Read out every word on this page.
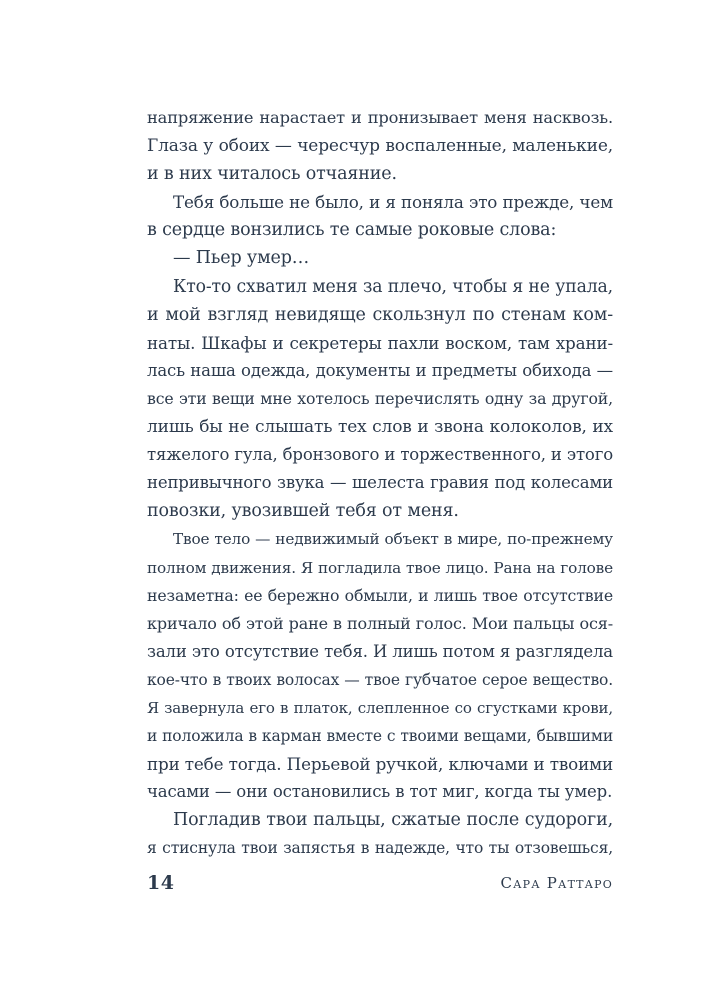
напряжение нарастает и пронизывает меня насквозь.
Глаза у обоих — чересчур воспаленные, маленькие,
и в них читалось отчаяние.
Тебя больше не было, и я поняла это прежде, чем
в сердце вонзились те самые роковые слова:
— Пьер умер…
Кто-то схватил меня за плечо, чтобы я не упала,
и мой взгляд невидяще скользнул по стенам ком-
наты. Шкафы и секретеры пахли воском, там храни-
лась наша одежда, документы и предметы обихода —
все эти вещи мне хотелось перечислять одну за другой,
лишь бы не слышать тех слов и звона колоколов, их
тяжелого гула, бронзового и торжественного, и этого
непривычного звука — шелеста гравия под колесами
повозки, увозившей тебя от меня.
Твое тело — недвижимый объект в мире, по-прежнему
полном движения. Я погладила твое лицо. Рана на голове
незаметна: ее бережно обмыли, и лишь твое отсутствие
кричало об этой ране в полный голос. Мои пальцы ося-
зали это отсутствие тебя. И лишь потом я разглядела
кое-что в твоих волосах — твое губчатое серое вещество.
Я завернула его в платок, слепленное со сгустками крови,
и положила в карман вместе с твоими вещами, бывшими
при тебе тогда. Перьевой ручкой, ключами и твоими
часами — они остановились в тот миг, когда ты умер.
Погладив твои пальцы, сжатые после судороги,
я стиснула твои запястья в надежде, что ты отзовешься,
14	Сара Раттаро
